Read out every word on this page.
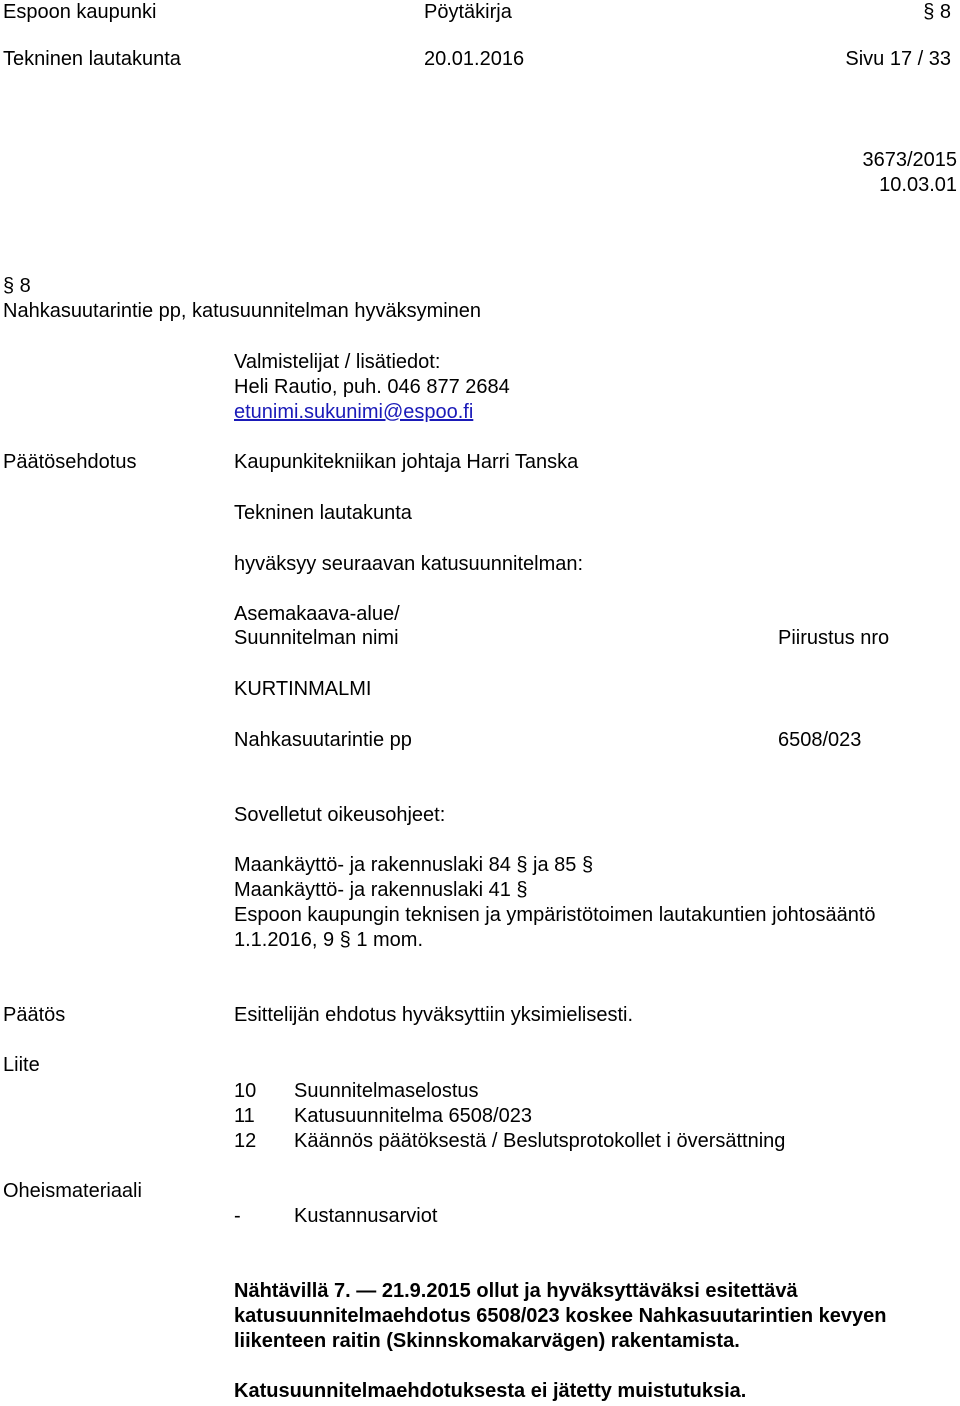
Espoon kaupunki	Pöytäkirja	§ 8
Tekninen lautakunta	20.01.2016	Sivu 17 / 33
3673/2015
10.03.01
§ 8
Nahkasuutarintie pp, katusuunnitelman hyväksyminen
Valmistelijat / lisätiedot:
Heli Rautio, puh. 046 877 2684
etunimi.sukunimi@espoo.fi
Päätösehdotus	Kaupunkitekniikan johtaja Harri Tanska
Tekninen lautakunta
hyväksyy seuraavan katusuunnitelman:
Asemakaava-alue/
Suunnitelman nimi	Piirustus nro
KURTINMALMI
Nahkasuutarintie pp	6508/023
Sovelletut oikeusohjeet:
Maankäyttö- ja rakennuslaki 84 § ja 85 §
Maankäyttö- ja rakennuslaki 41 §
Espoon kaupungin teknisen ja ympäristötoimen lautakuntien johtosääntö
1.1.2016, 9 § 1 mom.
Päätös	Esittelijän ehdotus hyväksyttiin yksimielisesti.
Liite
10 Suunnitelmaselostus
11 Katusuunnitelma 6508/023
12 Käännös päätöksestä / Beslutsprotokollet i översättning
Oheismateriaali
-	Kustannusarviot
Nähtävillä 7. — 21.9.2015 ollut ja hyväksyttäväksi esitettävä
katusuunnitelmaehdotus 6508/023 koskee Nahkasuutarintien kevyen
liikenteen raitin (Skinnskomakarvägen) rakentamista.
Katusuunnitelmaehdotuksesta ei jätetty muistutuksia.
